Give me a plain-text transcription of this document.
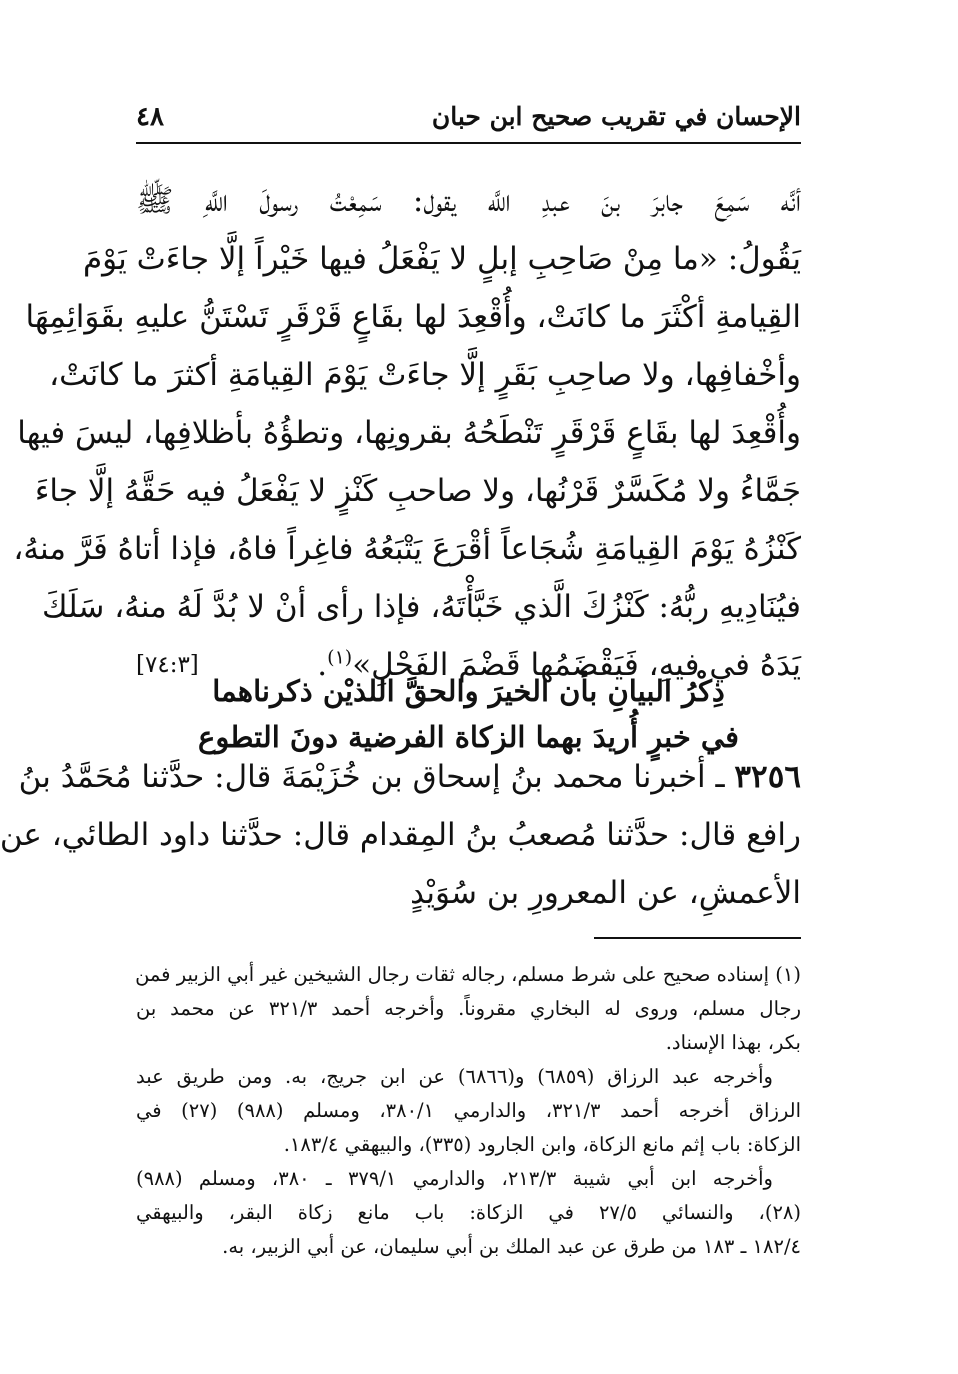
الإحسان في تقريب صحيح ابن حبان
٤٨
أنَّه سَمِعَ جابرَ بنَ عبدِ اللَّه يقول: سَمِعْتُ رسولَ اللَّهِ ﷺ
يَقُولُ: «ما مِنْ صَاحِبِ إبلٍ لا يَفْعَلُ فيها خَيْراً إلَّا جاءَتْ يَوْمَ
القِيامةِ أكْثَرَ ما كانَتْ، وأُقْعِدَ لها بقَاعٍ قَرْقَرٍ تَسْتَنُّ عليهِ بقَوَائِمِهَا
وأخْفافِها، ولا صاحِبِ بَقَرٍ إلَّا جاءَتْ يَوْمَ القِيامَةِ أكثرَ ما كانَتْ،
وأُقْعِدَ لها بقَاعٍ قَرْقَرٍ تَنْطَحُهُ بقرونِها، وتطؤُهُ بأظلافِها، ليسَ فيها
جَمَّاءُ ولا مُكَسَّرٌ قَرْنُها، ولا صاحبِ كَنْزٍ لا يَفْعَلُ فيه حَقَّهُ إلَّا جاءَ
كَنْزُهُ يَوْمَ القِيامَةِ شُجَاعاً أقْرَعَ يَتْبَعُهُ فاغِراً فاهُ، فإذا أتاهُ فَرَّ منهُ،
فيُنَادِيهِ ربُّهُ: كَنْزُكَ الَّذي خَبَّأْتَهُ، فإذا رأى أنْ لا بُدَّ لَهُ منهُ، سَلَكَ
يَدَهُ في فيهِ، فَيَقْضَمُها قَضْمَ الفَحْلِ»$^{(١)}$.
[٧٤:٣]
ذِكْرُ البيانِ بأن الخيرَ والحقَّ اللذيْن ذكرناهما
في خبرٍ أُريدَ بهما الزكاة الفرضية دونَ التطوع
٣٢٥٦ ـ أخبرنا محمد بنُ إسحاق بن خُزَيْمَةَ قال: حدَّثنا مُحَمَّدُ بنُ
رافع قال: حدَّثنا مُصعبُ بنُ المِقدام قال: حدَّثنا داود الطائي، عن
الأعمشِ، عن المعرورِ بن سُوَيْدٍ
(١) إسناده صحيح على شرط مسلم، رجاله ثقات رجال الشيخين غير أبي الزبير فمن
رجال مسلم، وروى له البخاري مقروناً. وأخرجه أحمد ٣٢١/٣ عن محمد بن
بكر، بهذا الإسناد.
وأخرجه عبد الرزاق (٦٨٥٩) و(٦٨٦٦) عن ابن جريج، به. ومن طريق عبد
الرزاق أخرجه أحمد ٣٢١/٣، والدارمي ٣٨٠/١، ومسلم (٩٨٨) (٢٧) في
الزكاة: باب إثم مانع الزكاة، وابن الجارود (٣٣٥)، والبيهقي ١٨٣/٤.
وأخرجه ابن أبي شيبة ٢١٣/٣، والدارمي ٣٧٩/١ ـ ٣٨٠، ومسلم (٩٨٨)
(٢٨)، والنسائي ٢٧/٥ في الزكاة: باب مانع زكاة البقر، والبيهقي
١٨٢/٤ ـ ١٨٣ من طرق عن عبد الملك بن أبي سليمان، عن أبي الزبير، به.
